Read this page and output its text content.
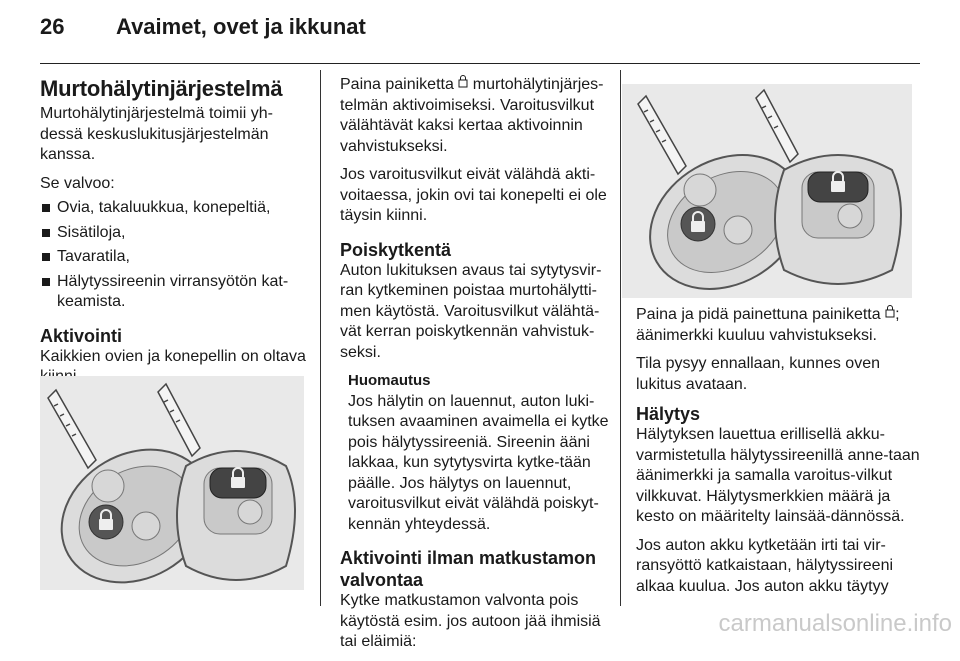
26 Avaimet, ovet ja ikkunat
Murtohälytinjärjestelmä

Murtohälytinjärjestelmä toimii yh-dessä keskuslukitusjärjestelmän kanssa.

Se valvoo:

Ovia, takaluukkua, konepeltiä,
Sisätiloja,
Tavaratila,
Hälytyssireenin virransyötön kat-keamista.
Aktivointi

Kaikkien ovien ja konepellin on oltava

Paina painiketta murtohälytinjärjes-telmän aktivoimiseksi. Varoitusvilkut välähtävät kaksi kertaa aktivoinnin vahvistukseksi.

Jos varoitusvilkut eivät välähdä akti-voitaessa, jokin ovi tai konepelti ei ole täysin kiinni.

Poiskytkentä

Auton lukituksen avaus tai sytytysvir-ran kytkeminen poistaa murtohälytti-men käytöstä. Varoitusvilkut välähtä-vät kerran poiskytkennän vahvistuk-seksi.

Huomautus
Jos hälytin on lauennut, auton luki-tuksen avaaminen avaimella ei kytke pois hälytyssireeniä. Sireenin ääni lakkaa, kun sytytysvirta kytke-tään päälle. Jos hälytys on lauennut, varoitusvilkut eivät välähdä poiskyt-kennän yhteydessä.
Aktivointi ilman matkustamon valvontaa

Kytke matkustamon valvonta pois käytöstä esim. jos autoon jää ihmisiä tai eläimiä:

Paina ja pidä painettuna painiketta ; äänimerkki kuuluu vahvistukseksi.

Tila pysyy ennallaan, kunnes oven lukitus avataan.

Hälytys

Hälytyksen lauettua erillisellä akku-varmistetulla hälytyssireenillä anne-taan äänimerkki ja samalla varoitus-vilkut vilkkuvat. Hälytysmerkkien määrä ja kesto on määritelty lainsää-dännössä.

Jos auton akku kytketään irti tai vir-ransyöttö katkaistaan, hälytyssireeni alkaa kuulua. Jos auton akku täytyy

carmanualsonline.info
